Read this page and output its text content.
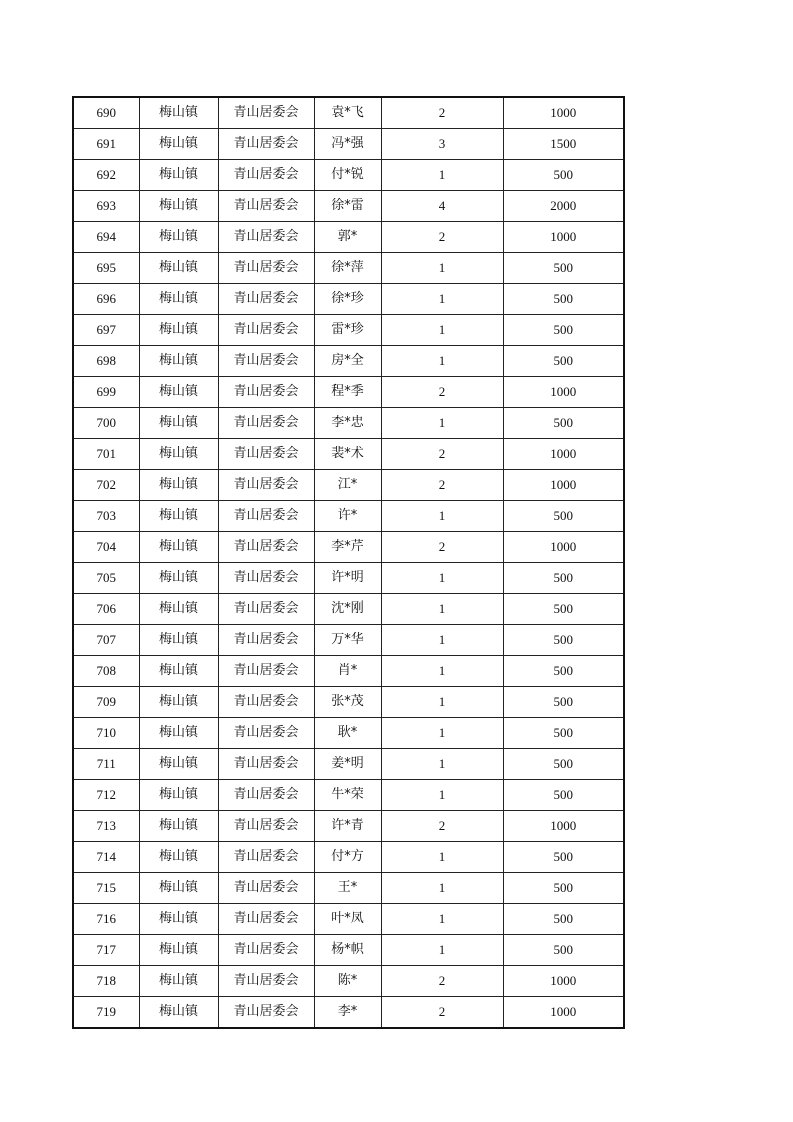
690	梅山镇	青山居委会	袁*飞	2	1000
691	梅山镇	青山居委会	冯*强	3	1500
692	梅山镇	青山居委会	付*锐	1	500
693	梅山镇	青山居委会	徐*雷	4	2000
694	梅山镇	青山居委会	郭*	2	1000
695	梅山镇	青山居委会	徐*萍	1	500
696	梅山镇	青山居委会	徐*珍	1	500
697	梅山镇	青山居委会	雷*珍	1	500
698	梅山镇	青山居委会	房*全	1	500
699	梅山镇	青山居委会	程*季	2	1000
700	梅山镇	青山居委会	李*忠	1	500
701	梅山镇	青山居委会	裴*术	2	1000
702	梅山镇	青山居委会	江*	2	1000
703	梅山镇	青山居委会	许*	1	500
704	梅山镇	青山居委会	李*芹	2	1000
705	梅山镇	青山居委会	许*明	1	500
706	梅山镇	青山居委会	沈*刚	1	500
707	梅山镇	青山居委会	万*华	1	500
708	梅山镇	青山居委会	肖*	1	500
709	梅山镇	青山居委会	张*茂	1	500
710	梅山镇	青山居委会	耿*	1	500
711	梅山镇	青山居委会	姜*明	1	500
712	梅山镇	青山居委会	牛*荣	1	500
713	梅山镇	青山居委会	许*青	2	1000
714	梅山镇	青山居委会	付*方	1	500
715	梅山镇	青山居委会	王*	1	500
716	梅山镇	青山居委会	叶*凤	1	500
717	梅山镇	青山居委会	杨*帜	1	500
718	梅山镇	青山居委会	陈*	2	1000
719	梅山镇	青山居委会	李*	2	1000
